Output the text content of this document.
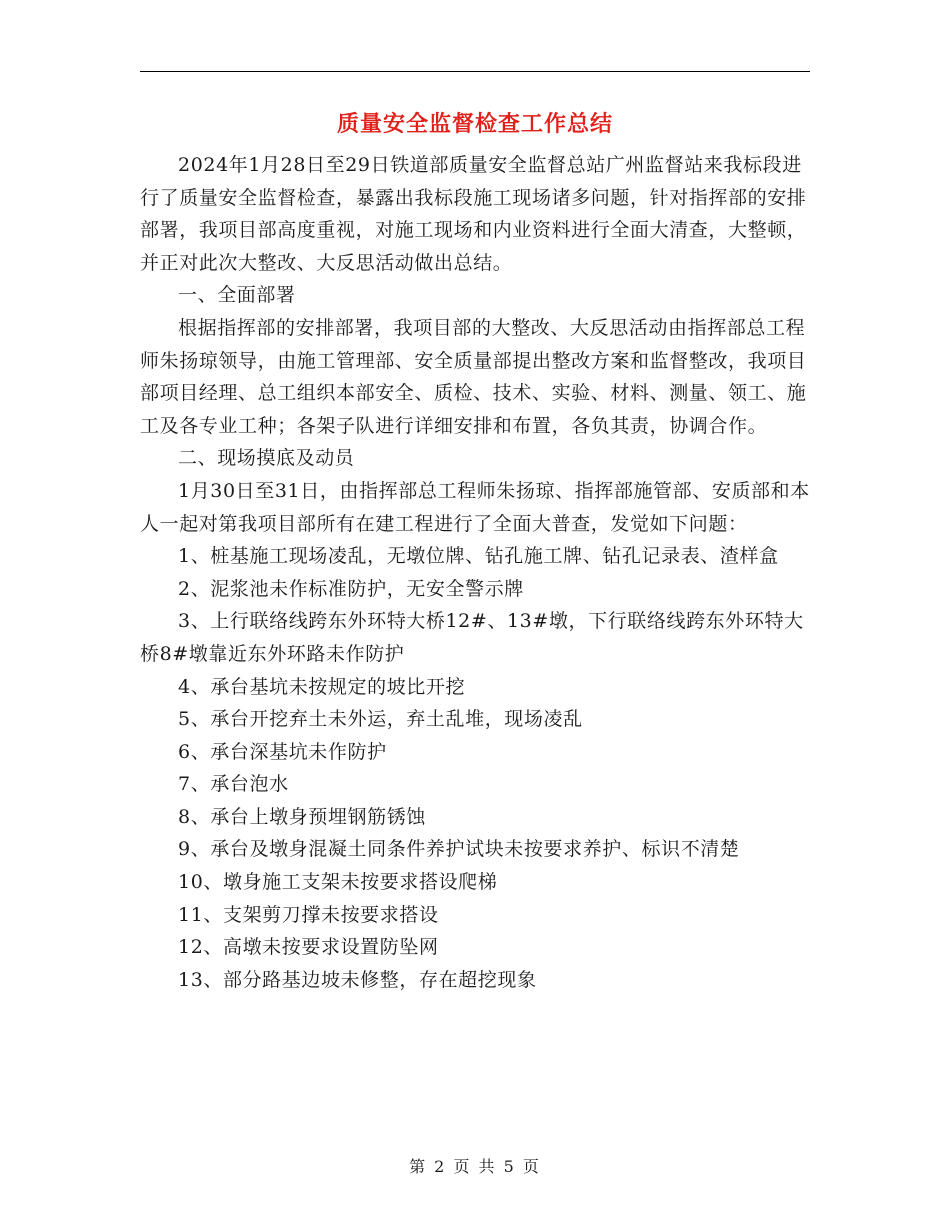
质量安全监督检查工作总结

2024年1月28日至29日铁道部质量安全监督总站广州监督站来我标段进行了质量安全监督检查，暴露出我标段施工现场诸多问题，针对指挥部的安排部署，我项目部高度重视，对施工现场和内业资料进行全面大清查，大整顿，并正对此次大整改、大反思活动做出总结。

一、全面部署

根据指挥部的安排部署，我项目部的大整改、大反思活动由指挥部总工程师朱扬琼领导，由施工管理部、安全质量部提出整改方案和监督整改，我项目部项目经理、总工组织本部安全、质检、技术、实验、材料、测量、领工、施工及各专业工种；各架子队进行详细安排和布置，各负其责，协调合作。

二、现场摸底及动员

1月30日至31日，由指挥部总工程师朱扬琼、指挥部施管部、安质部和本人一起对第我项目部所有在建工程进行了全面大普查，发觉如下问题：

1、桩基施工现场凌乱，无墩位牌、钻孔施工牌、钻孔记录表、渣样盒

2、泥浆池未作标准防护，无安全警示牌

3、上行联络线跨东外环特大桥12#、13#墩，下行联络线跨东外环特大桥8#墩靠近东外环路未作防护

4、承台基坑未按规定的坡比开挖

5、承台开挖弃土未外运，弃土乱堆，现场凌乱

6、承台深基坑未作防护

7、承台泡水

8、承台上墩身预埋钢筋锈蚀

9、承台及墩身混凝土同条件养护试块未按要求养护、标识不清楚

10、墩身施工支架未按要求搭设爬梯

11、支架剪刀撑未按要求搭设

12、高墩未按要求设置防坠网

13、部分路基边坡未修整，存在超挖现象

第 2 页 共 5 页
